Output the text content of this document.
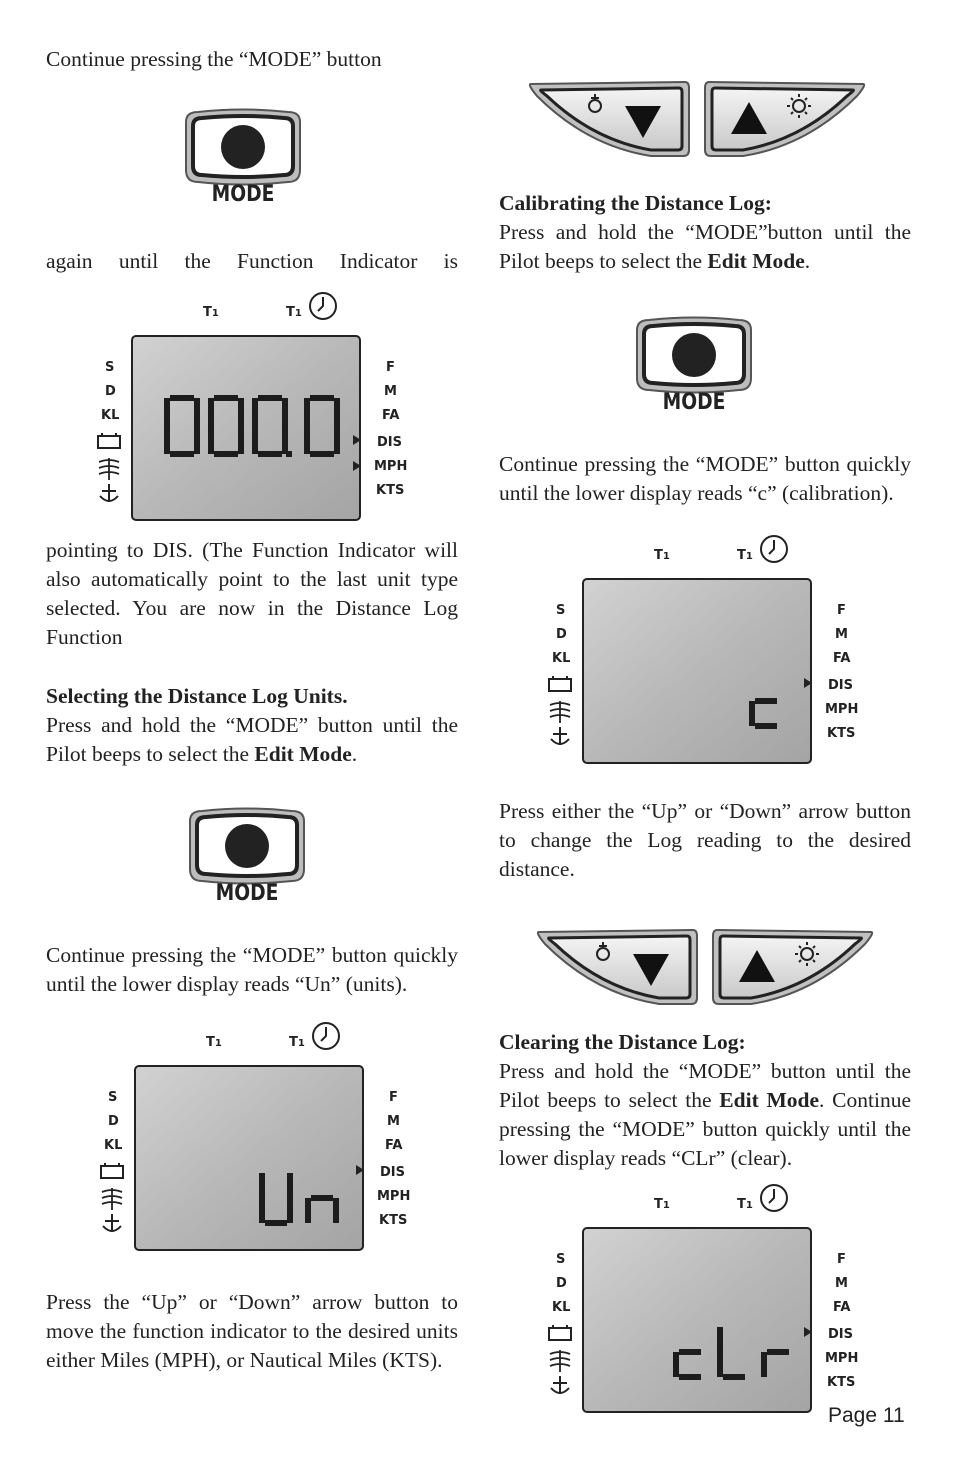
Continue pressing the “MODE” button

MODE

again until the Function Indicator is

T1	T1
S
D
KL
F
M
FA
DIS
MPH
KTS

pointing to DIS. (The Function Indicator will also automatically point to the last unit type selected. You are now in the Distance Log Function

Selecting the Distance Log Units.
Press and hold the “MODE” button until the Pilot beeps to select the Edit Mode.

MODE

Continue pressing the “MODE” button quickly until the lower display reads “Un” (units).

T1	T1
S
D
KL
F
M
FA
DIS
MPH
KTS

Press the “Up” or “Down” arrow button to move the function indicator to the desired units either Miles (MPH), or Nautical Miles (KTS).

Calibrating the Distance Log:
Press and hold the “MODE”button until the Pilot beeps to select the Edit Mode.

MODE

Continue pressing the “MODE” button quickly until the lower display reads “c” (calibration).

T1	T1
S
D
KL
F
M
FA
DIS
MPH
KTS

Press either the “Up” or “Down” arrow button to change the Log reading to the desired distance.

Clearing the Distance Log:
Press and hold the “MODE” button until the Pilot beeps to select the Edit Mode. Continue pressing the “MODE” button quickly until the lower display reads “CLr” (clear).

T1	T1
S
D
KL
F
M
FA
DIS
MPH
KTS
Page 11
